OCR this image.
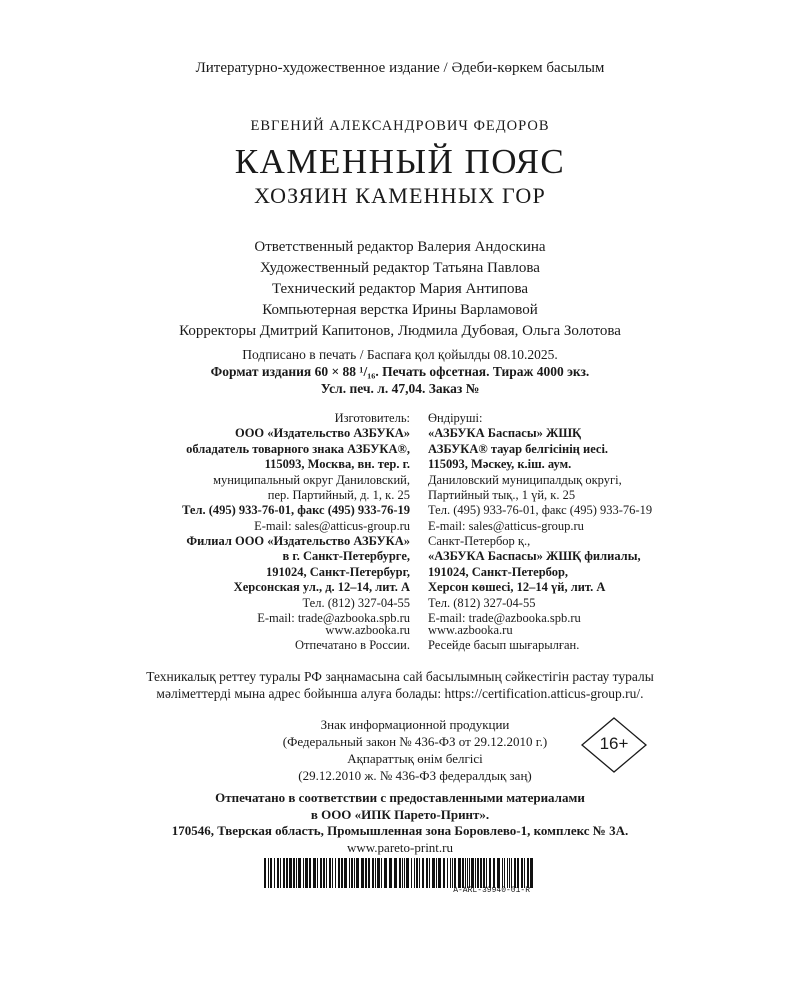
Литературно-художественное издание / Әдеби-көркем басылым
ЕВГЕНИЙ АЛЕКСАНДРОВИЧ ФЕДОРОВ
КАМЕННЫЙ ПОЯС
ХОЗЯИН КАМЕННЫХ ГОР
Ответственный редактор Валерия Андоскина
Художественный редактор Татьяна Павлова
Технический редактор Мария Антипова
Компьютерная верстка Ирины Варламовой
Корректоры Дмитрий Капитонов, Людмила Дубовая, Ольга Золотова
Подписано в печать / Баспаға қол қойылды 08.10.2025.
Формат издания 60 × 88 ¹/₁₆. Печать офсетная. Тираж 4000 экз.
Усл. печ. л. 47,04. Заказ №
Изготовитель:
ООО «Издательство АЗБУКА»
обладатель товарного знака АЗБУКА®,
115093, Москва, вн. тер. г.
муниципальный округ Даниловский,
пер. Партийный, д. 1, к. 25
Тел. (495) 933-76-01, факс (495) 933-76-19
E-mail: sales@atticus-group.ru
Өндіруші:
«АЗБУКА Баспасы» ЖШҚ
АЗБУКА® тауар белгісінің иесі.
115093, Мәскеу, к.іш. аум.
Даниловский муниципалдық округі,
Партийный тық., 1 үй, к. 25
Тел. (495) 933-76-01, факс (495) 933-76-19
E-mail: sales@atticus-group.ru
Филиал ООО «Издательство АЗБУКА»
в г. Санкт-Петербурге,
191024, Санкт-Петербург,
Херсонская ул., д. 12–14, лит. А
Тел. (812) 327-04-55
E-mail: trade@azbooka.spb.ru
Санкт-Петербор қ.,
«АЗБУКА Баспасы» ЖШҚ филиалы,
191024, Санкт-Петербор,
Херсон көшесі, 12–14 үй, лит. А
Тел. (812) 327-04-55
E-mail: trade@azbooka.spb.ru
www.azbooka.ru
Отпечатано в России.
www.azbooka.ru
Ресейде басып шығарылған.
Техникалық реттеу туралы РФ заңнамасына сай басылымның сәйкестігін растау туралы
мәліметтерді мына адрес бойынша алуға болады: https://certification.atticus-group.ru/.
Знак информационной продукции
(Федеральный закон № 436-ФЗ от 29.12.2010 г.)
Ақпараттық өнім белгісі
(29.12.2010 ж. № 436-ФЗ федералдық заң)
16+
Отпечатано в соответствии с предоставленными материалами
в ООО «ИПК Парето-Принт».
170546, Тверская область, Промышленная зона Боровлево-1, комплекс № 3А.
www.pareto-print.ru
A-ARL-39940-01-R
